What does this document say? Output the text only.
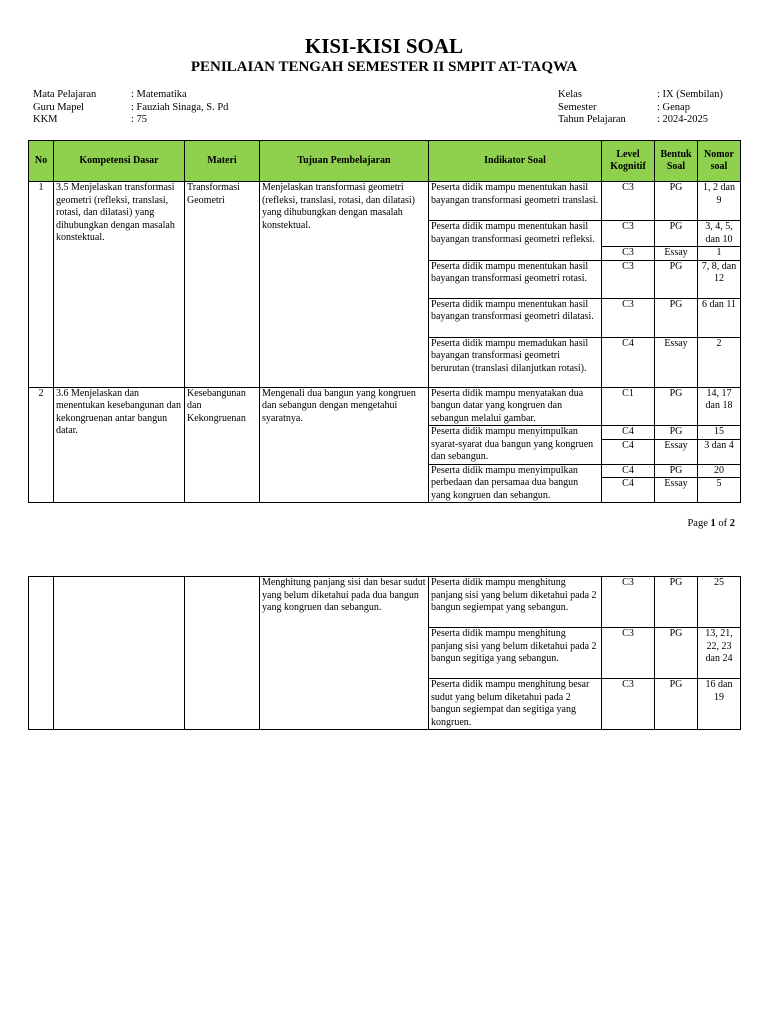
KISI-KISI SOAL
PENILAIAN TENGAH SEMESTER II SMPIT AT-TAQWA
Mata Pelajaran	: Matematika
Guru Mapel	: Fauziah Sinaga, S. Pd
KKM	: 75
Kelas	: IX (Sembilan)
Semester	: Genap
Tahun Pelajaran	: 2024-2025
No	Kompetensi Dasar	Materi	Tujuan Pembelajaran	Indikator Soal	Level Kognitif	Bentuk Soal	Nomor soal
1	3.5 Menjelaskan transformasi geometri (refleksi, translasi, rotasi, dan dilatasi) yang dihubungkan dengan masalah konstektual.	Transformasi Geometri	Menjelaskan transformasi geometri (refleksi, translasi, rotasi, dan dilatasi) yang dihubungkan dengan masalah konstektual.	Peserta didik mampu menentukan hasil bayangan transformasi geometri translasi.	C3	PG	1, 2 dan 9
				Peserta didik mampu menentukan hasil bayangan transformasi geometri refleksi.	C3	PG	3, 4, 5, dan 10
					C3	Essay	1
				Peserta didik mampu menentukan hasil bayangan transformasi geometri rotasi.	C3	PG	7, 8, dan 12
				Peserta didik mampu menentukan hasil bayangan transformasi geometri dilatasi.	C3	PG	6 dan 11
				Peserta didik mampu memadukan hasil bayangan transformasi geometri berurutan (translasi dilanjutkan rotasi).	C4	Essay	2
2	3.6 Menjelaskan dan menentukan kesebangunan dan kekongruenan antar bangun datar.	Kesebangunan dan Kekongruenan	Mengenali dua bangun yang kongruen dan sebangun dengan mengetahui syaratnya.	Peserta didik mampu menyatakan dua bangun datar yang kongruen dan sebangun melalui gambar.	C1	PG	14, 17 dan 18
				Peserta didik mampu menyimpulkan syarat-syarat dua bangun yang kongruen dan sebangun.	C4	PG	15
					C4	Essay	3 dan 4
				Peserta didik mampu menyimpulkan perbedaan dan persamaa dua bangun yang kongruen dan sebangun.	C4	PG	20
					C4	Essay	5
Page 1 of 2
			Menghitung panjang sisi dan besar sudut yang belum diketahui pada dua bangun yang kongruen dan sebangun.	Peserta didik mampu menghitung panjang sisi yang belum diketahui pada 2 bangun segiempat yang sebangun.	C3	PG	25
				Peserta didik mampu menghitung panjang sisi yang belum diketahui pada 2 bangun segitiga yang sebangun.	C3	PG	13, 21, 22, 23 dan 24
				Peserta didik mampu menghitung besar sudut yang belum diketahui pada 2 bangun segiempat dan segitiga yang kongruen.	C3	PG	16 dan 19
